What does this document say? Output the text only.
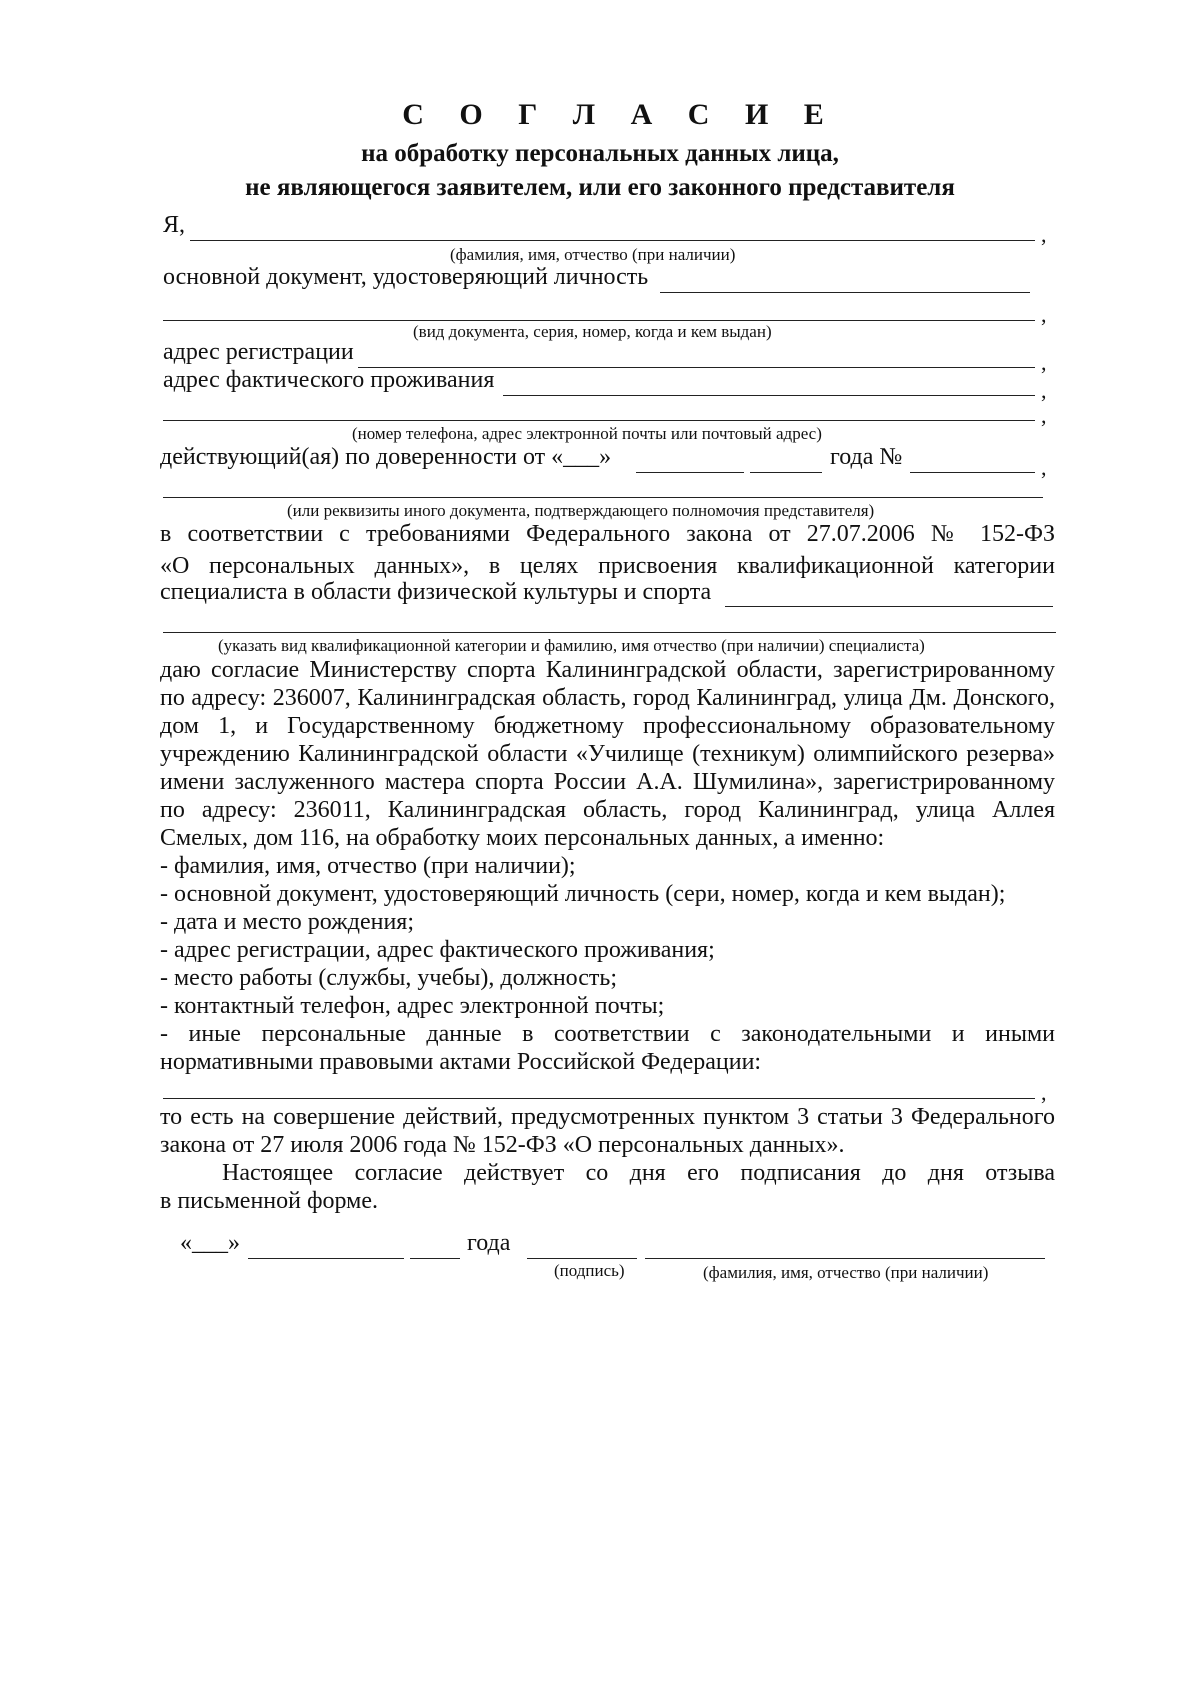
С О Г Л А С И Е
на обработку персональных данных лица,
не являющегося заявителем, или его законного представителя
Я,	,
(фамилия, имя, отчество (при наличии)
основной документ, удостоверяющий личность
,
(вид документа, серия, номер, когда и кем выдан)
адрес регистрации	,
адрес фактического проживания	,
,
(номер телефона, адрес электронной почты или почтовый адрес)
действующий(ая) по доверенности от «___»	года №	,
(или реквизиты иного документа, подтверждающего полномочия представителя)
в соответствии с требованиями Федерального закона от 27.07.2006 № 152-ФЗ
«О персональных данных», в целях присвоения квалификационной категории
специалиста в области физической культуры и спорта
(указать вид квалификационной категории и фамилию, имя отчество (при наличии) специалиста)
даю согласие Министерству спорта Калининградской области, зарегистрированному
по адресу: 236007, Калининградская область, город Калининград, улица Дм. Донского,
дом 1, и Государственному бюджетному профессиональному образовательному
учреждению Калининградской области «Училище (техникум) олимпийского резерва»
имени заслуженного мастера спорта России А.А. Шумилина», зарегистрированному
по адресу: 236011, Калининградская область, город Калининград, улица Аллея
Смелых, дом 116, на обработку моих персональных данных, а именно:
- фамилия, имя, отчество (при наличии);
- основной документ, удостоверяющий личность (сери, номер, когда и кем выдан);
- дата и место рождения;
- адрес регистрации, адрес фактического проживания;
- место работы (службы, учебы), должность;
- контактный телефон, адрес электронной почты;
- иные персональные данные в соответствии с законодательными и иными
нормативными правовыми актами Российской Федерации:
,
то есть на совершение действий, предусмотренных пунктом 3 статьи 3 Федерального
закона от 27 июля 2006 года № 152-ФЗ «О персональных данных».
Настоящее согласие действует со дня его подписания до дня отзыва
в письменной форме.
«___»	года
(подпись)	(фамилия, имя, отчество (при наличии)
